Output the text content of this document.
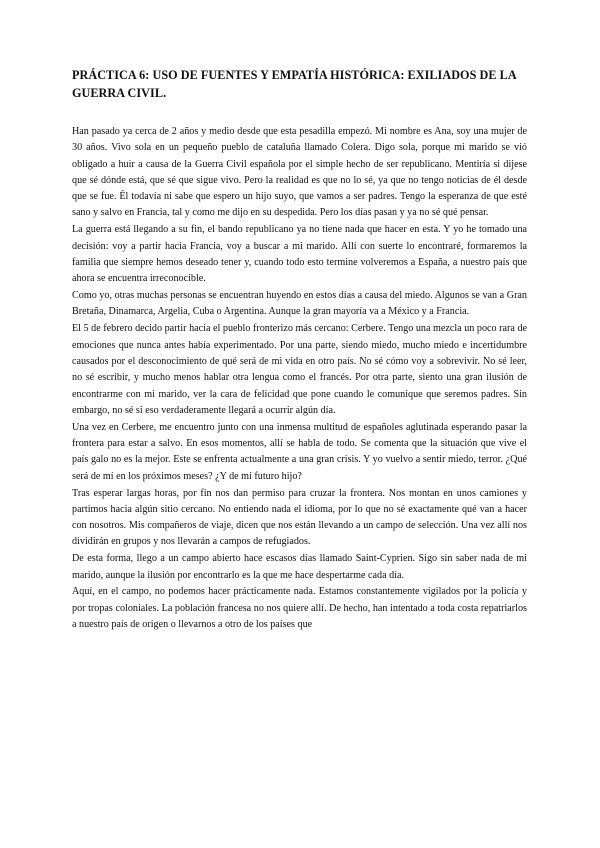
PRÁCTICA 6: USO DE FUENTES Y EMPATÍA HISTÓRICA: EXILIADOS DE LA GUERRA CIVIL.

Han pasado ya cerca de 2 años y medio desde que esta pesadilla empezó. Mi nombre es Ana, soy una mujer de 30 años. Vivo sola en un pequeño pueblo de cataluña llamado Colera. Digo sola, porque mi marido se vió obligado a huir a causa de la Guerra Civil española por el simple hecho de ser republicano. Mentiría si dijese que sé dónde está, que sé que sigue vivo. Pero la realidad es que no lo sé, ya que no tengo noticias de él desde que se fue. Él todavía ni sabe que espero un hijo suyo, que vamos a ser padres. Tengo la esperanza de que esté sano y salvo en Francia, tal y como me dijo en su despedida. Pero los días pasan y ya no sé qué pensar.

La guerra está llegando a su fin, el bando republicano ya no tiene nada que hacer en esta. Y yo he tomado una decisión: voy a partir hacia Francia, voy a buscar a mi marido. Allí con suerte lo encontraré, formaremos la familia que siempre hemos deseado tener y, cuando todo esto termine volveremos a España, a nuestro país que ahora se encuentra irreconocible.

Como yo, otras muchas personas se encuentran huyendo en estos días a causa del miedo. Algunos se van a Gran Bretaña, Dinamarca, Argelia, Cuba o Argentina. Aunque la gran mayoría va a México y a Francia.

El 5 de febrero decido partir hacia el pueblo fronterizo más cercano: Cerbere. Tengo una mezcla un poco rara de emociones que nunca antes había experimentado. Por una parte, siendo miedo, mucho miedo e incertidumbre causados por el desconocimiento de qué será de mi vida en otro país. No sé cómo voy a sobrevivir. No sé leer, no sé escribir, y mucho menos hablar otra lengua como el francés. Por otra parte, siento una gran ilusión de encontrarme con mi marido, ver la cara de felicidad que pone cuando le comunique que seremos padres. Sin embargo, no sé si eso verdaderamente llegará a ocurrir algún día.

Una vez en Cerbere, me encuentro junto con una inmensa multitud de españoles aglutinada esperando pasar la frontera para estar a salvo. En esos momentos, allí se habla de todo. Se comenta que la situación que vive el país galo no es la mejor. Este se enfrenta actualmente a una gran crisis. Y yo vuelvo a sentir miedo, terror. ¿Qué será de mí en los próximos meses? ¿Y de mi futuro hijo?

Tras esperar largas horas, por fin nos dan permiso para cruzar la frontera. Nos montan en unos camiones y partimos hacia algún sitio cercano. No entiendo nada el idioma, por lo que no sé exactamente qué van a hacer con nosotros. Mis compañeros de viaje, dicen que nos están llevando a un campo de selección. Una vez allí nos dividirán en grupos y nos llevarán a campos de refugiados.

De esta forma, llego a un campo abierto hace escasos días llamado Saint-Cyprien. Sigo sin saber nada de mi marido, aunque la ilusión por encontrarlo es la que me hace despertarme cada día.

Aquí, en el campo, no podemos hacer prácticamente nada. Estamos constantemente vigilados por la policía y por tropas coloniales. La población francesa no nos quiere allí. De hecho, han intentado a toda costa repatriarlos a nuestro país de origen o llevarnos a otro de los países que
